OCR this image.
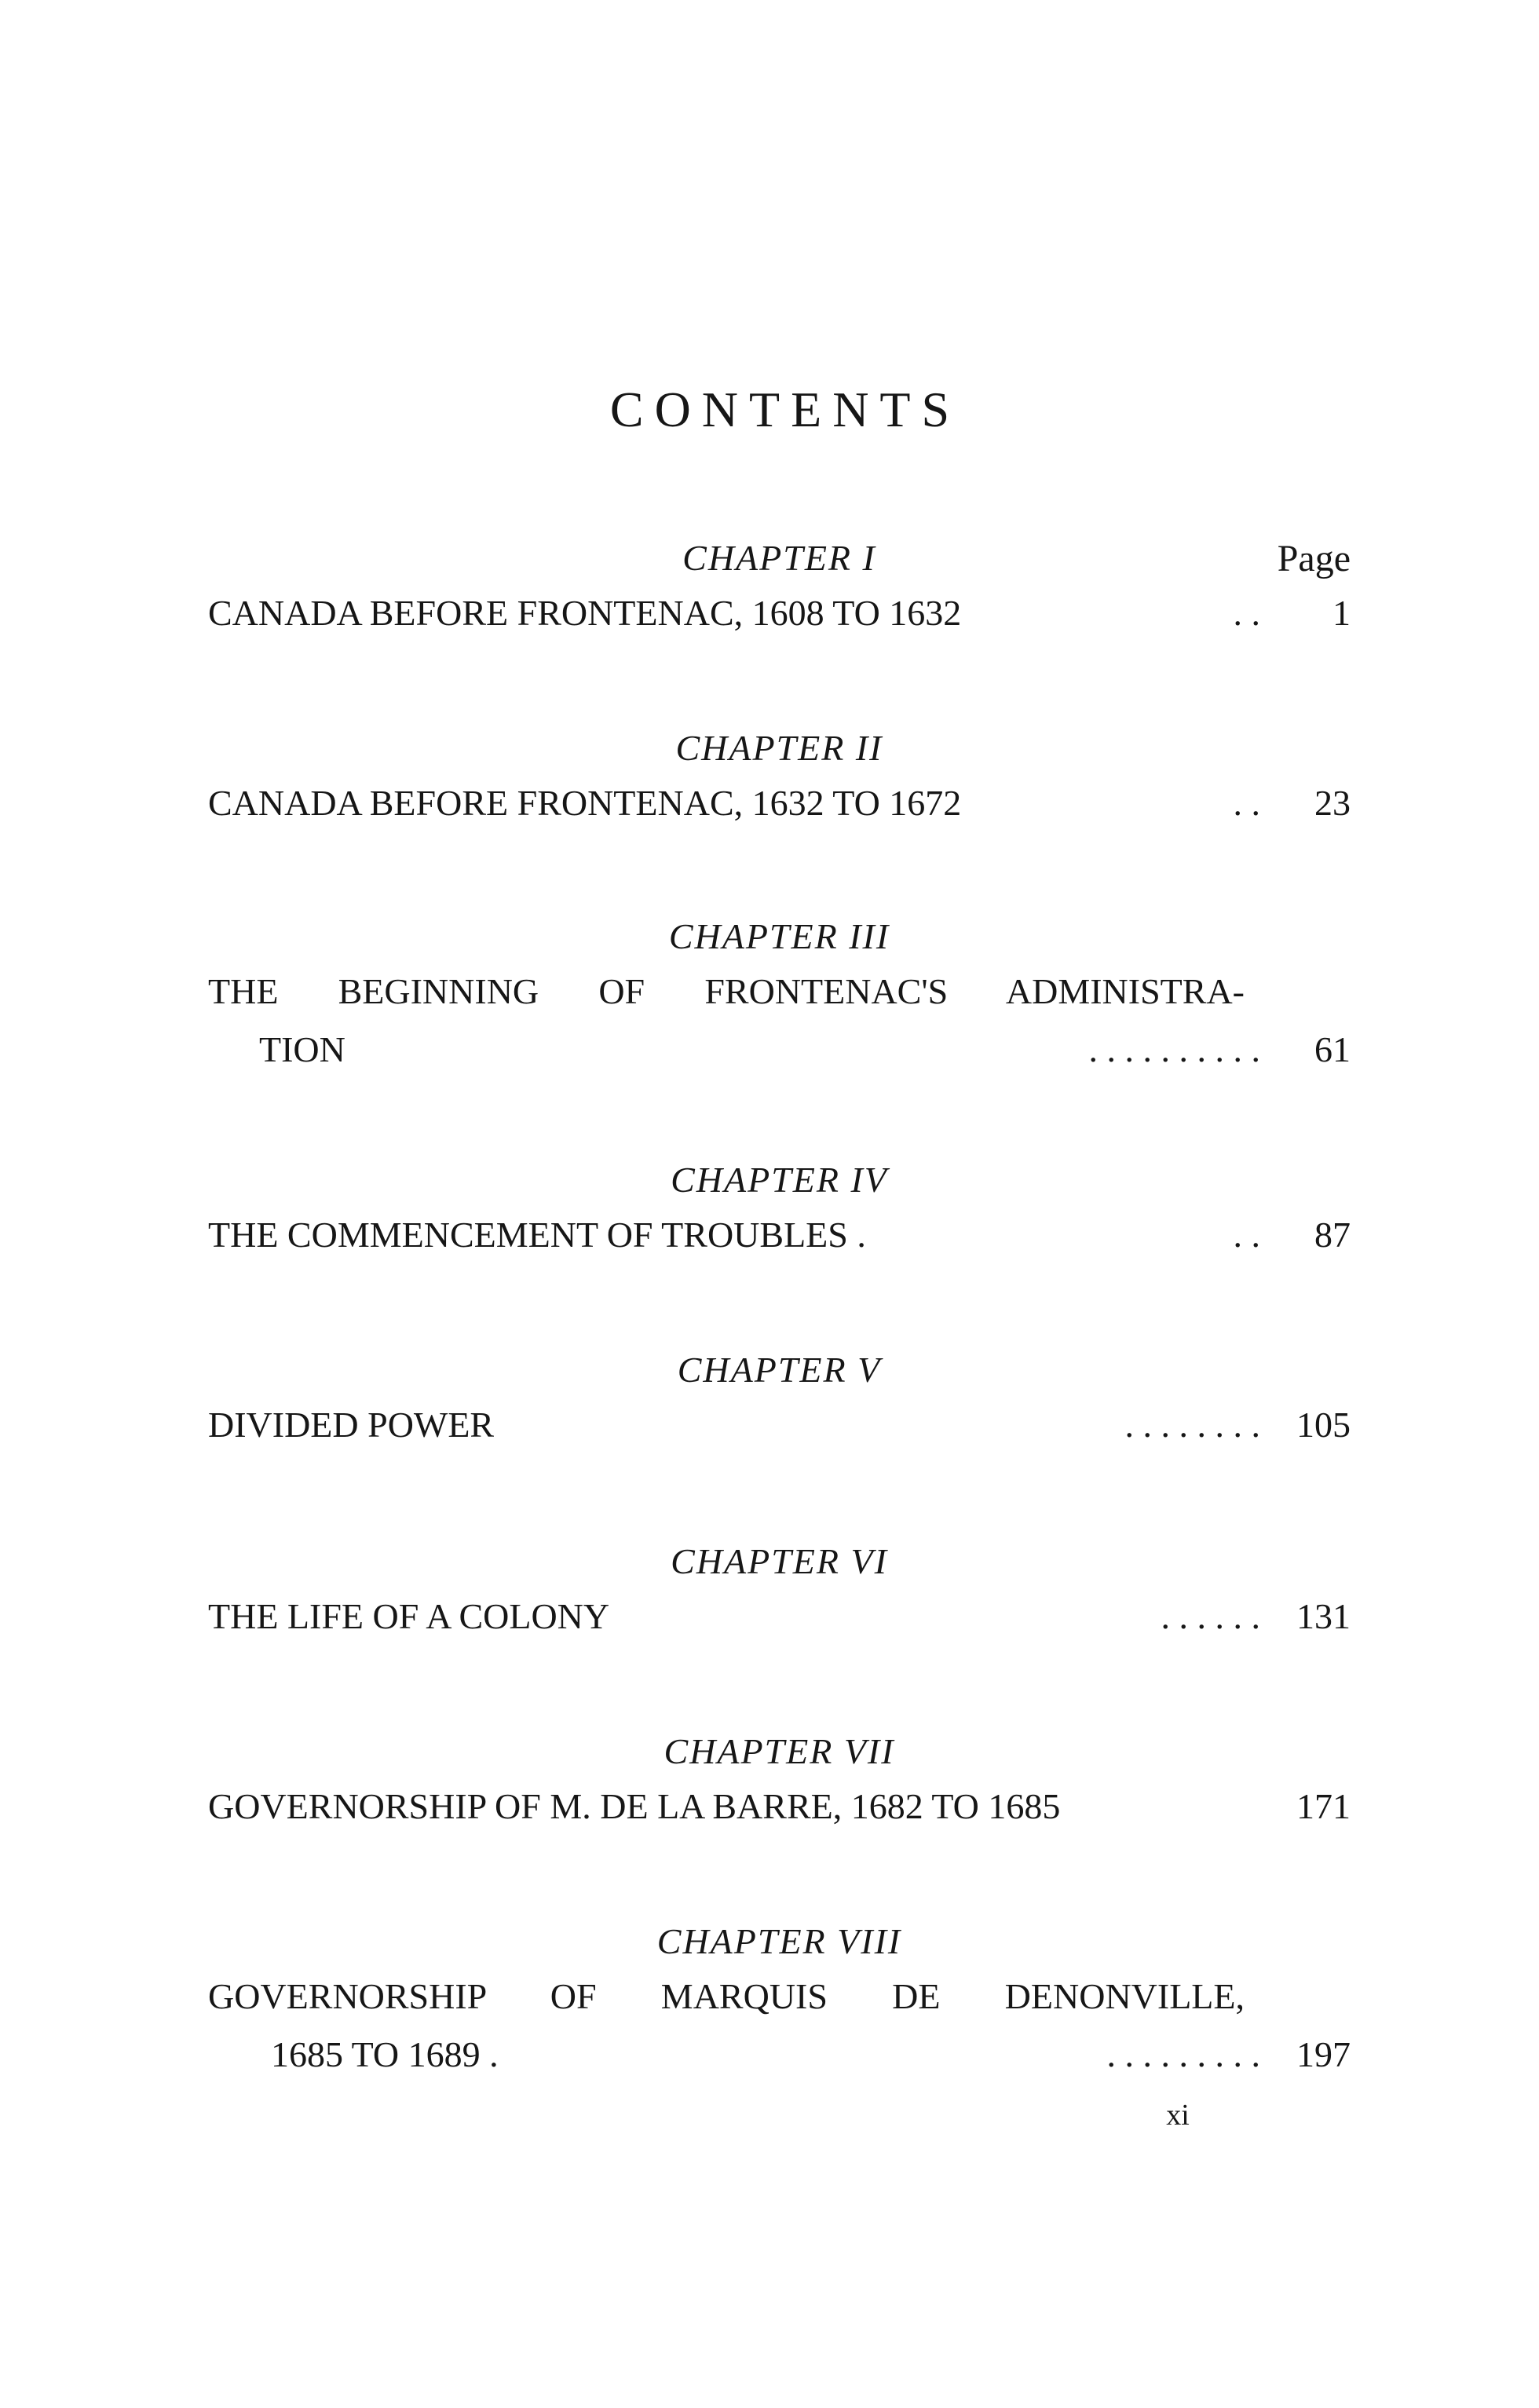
CONTENTS
Page
CHAPTER I
CANADA BEFORE FRONTENAC, 1608 TO 1632	. .	1
CHAPTER II
CANADA BEFORE FRONTENAC, 1632 TO 1672	. .	23
CHAPTER III
THE BEGINNING OF FRONTENAC'S ADMINISTRA-
TION	. . . . . . . . . .	61
CHAPTER IV
THE COMMENCEMENT OF TROUBLES .	. .	87
CHAPTER V
DIVIDED POWER	. . . . . . . .	105
CHAPTER VI
THE LIFE OF A COLONY	. . . . . .	131
CHAPTER VII
GOVERNORSHIP OF M. DE LA BARRE, 1682 TO 1685	171
CHAPTER VIII
GOVERNORSHIP OF MARQUIS DE DENONVILLE,
1685 TO 1689 .	. . . . . . . . .	197
xi
